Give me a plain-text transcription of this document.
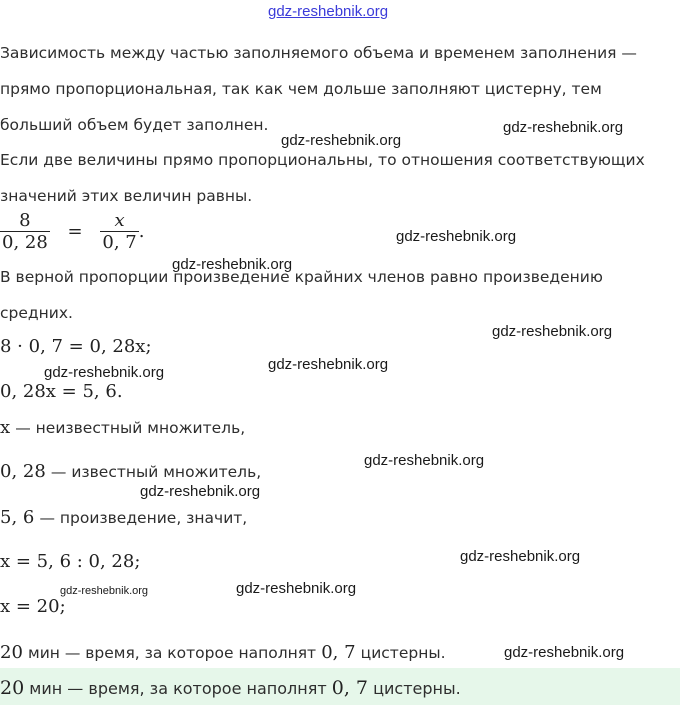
gdz-reshebnik.org
gdz-reshebnik.org
gdz-reshebnik.org
gdz-reshebnik.org
gdz-reshebnik.org
gdz-reshebnik.org
gdz-reshebnik.org	gdz-reshebnik.org
gdz-reshebnik.org
gdz-reshebnik.org
gdz-reshebnik.org
gdz-reshebnik.org	gdz-reshebnik.org
gdz-reshebnik.org
Зависимость между частью заполняемого объема и временем заполнения —
прямо пропорциональная, так как чем дольше заполняют цистерну, тем
больший объем будет заполнен.
Если две величины прямо пропорциональны, то отношения соответствующих
значений этих величин равны.
$\frac{8}{0, 28} = \frac{x}{0, 7}$ .
В верной пропорции произведение крайних членов равно произведению
средних.
8 · 0, 7 = 0, 28x;
0, 28x = 5, 6.
x — неизвестный множитель,
0, 28 — известный множитель,
5, 6 — произведение, значит,
x = 5, 6 : 0, 28;
x = 20;
20 мин — время, за которое наполнят 0, 7 цистерны.
20 мин — время, за которое наполнят 0, 7 цистерны.
